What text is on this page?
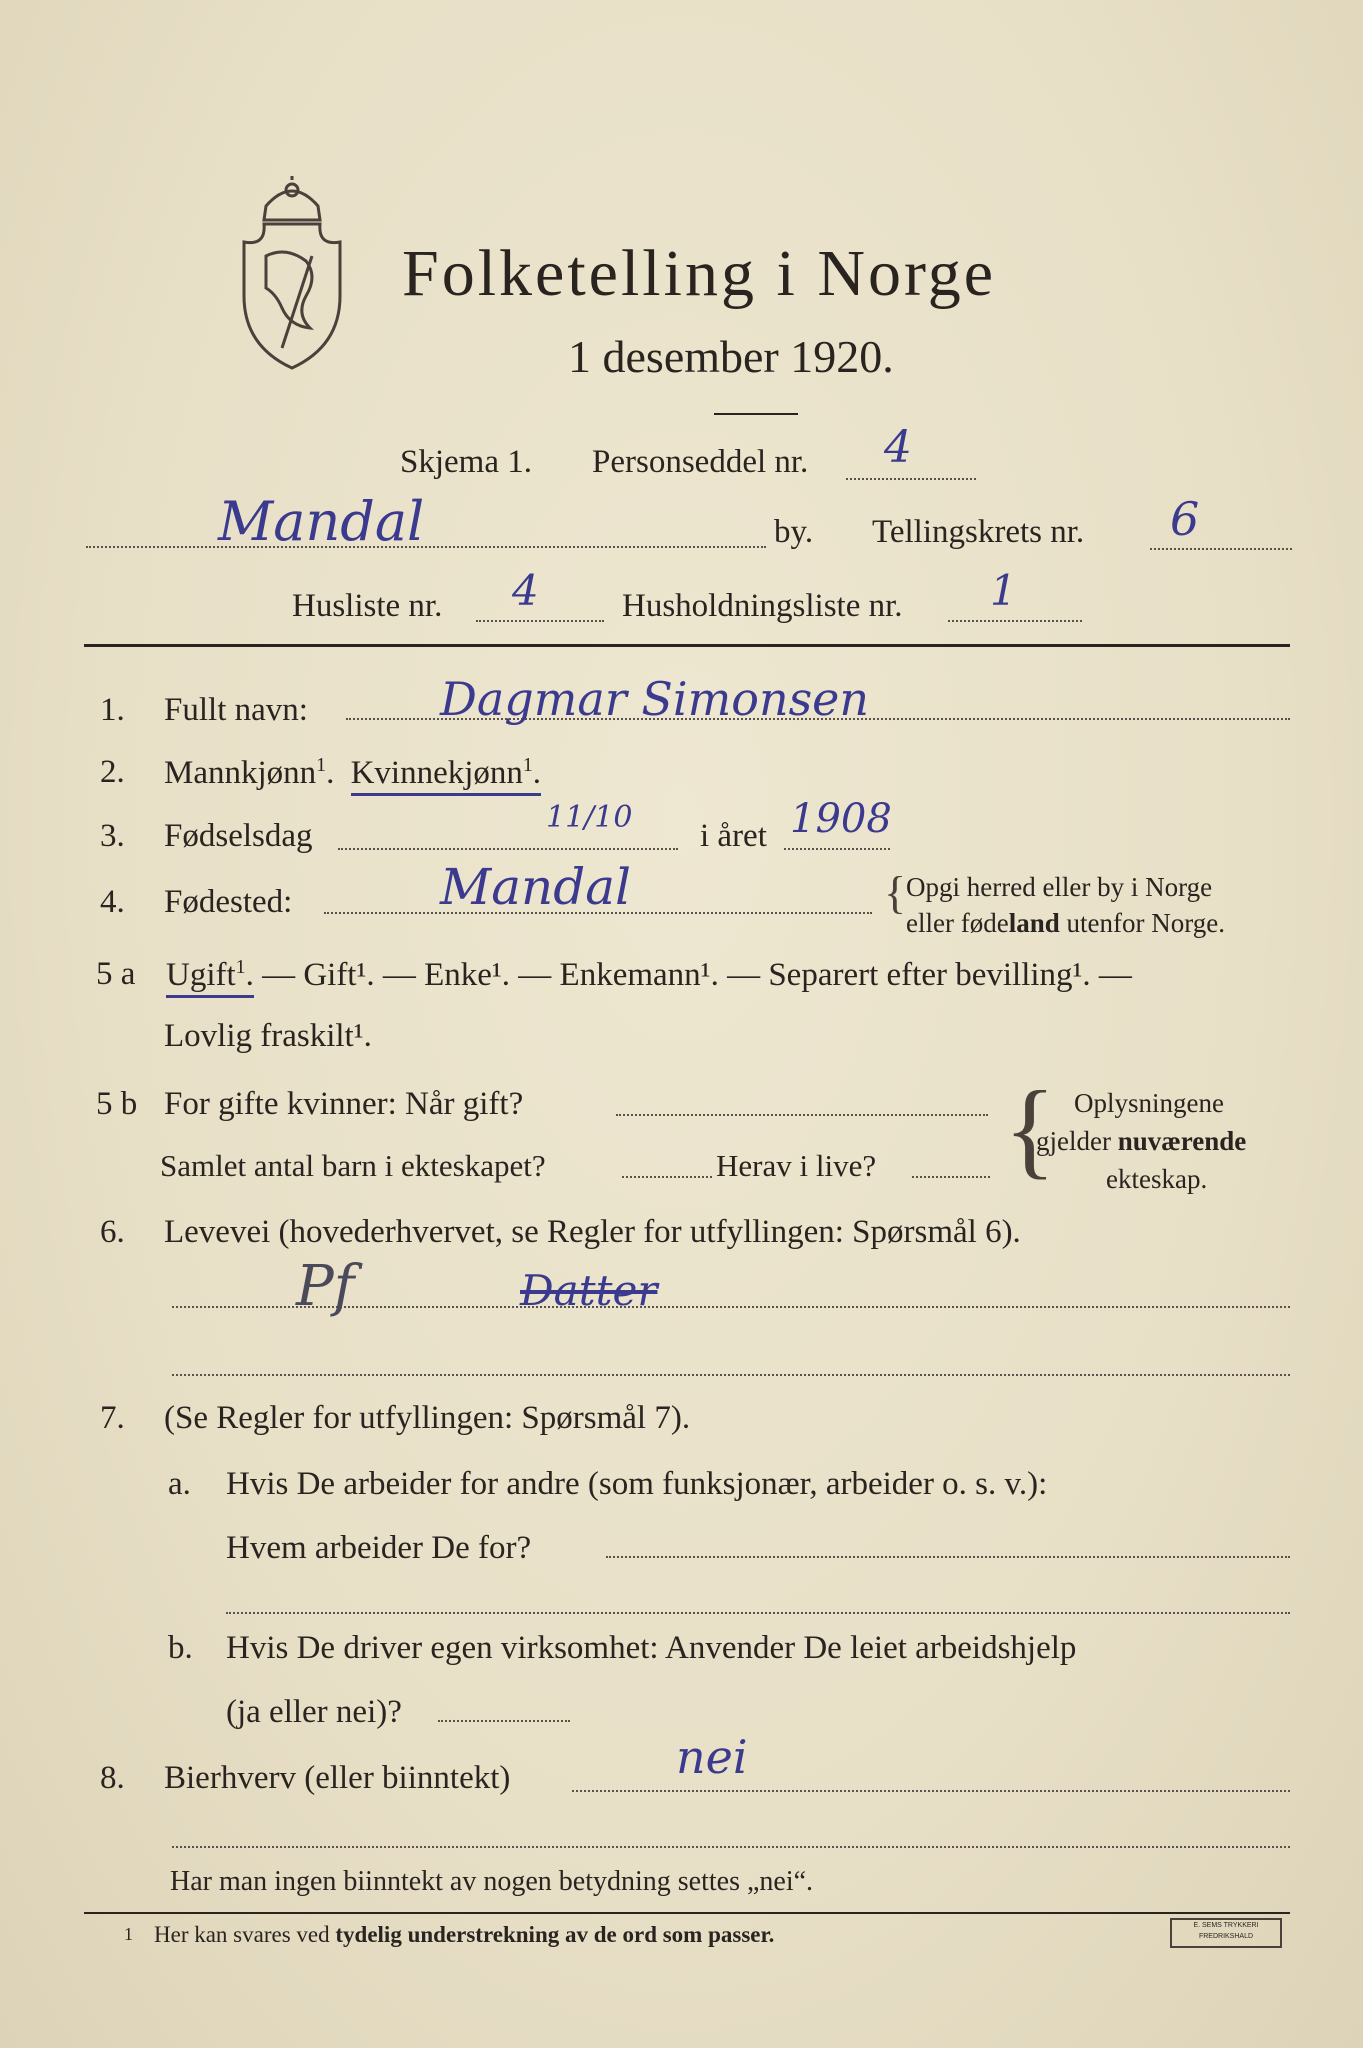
Folketelling i Norge
1 desember 1920.
Skjema 1. Personseddel nr. 4
Mandal	by. Tellingskrets nr. 6
Husliste nr. 4	Husholdningsliste nr. 1
1. Fullt navn:	Dagmar Simonsen
2. Mannkjønn$^1$. Kvinnekjønn$^1$.
3. Fødselsdag
11/10
i året 1908
4. Fødested:	Mandal	{ Opgi herred eller by i Norge
eller fødeland utenfor Norge.
5 a Ugift$^1$. — Gift¹. — Enke¹. — Enkemann¹. — Separert efter bevilling¹. —
Lovlig fraskilt¹.
5 b For gifte kvinner: Når gift?
Samlet antal barn i ekteskapet?	Herav i live? { Oplysningene
gjelder nuværende
ekteskap.
6. Levevei (hovederhvervet, se Regler for utfyllingen: Spørsmål 6).
Pf	Datter
7. (Se Regler for utfyllingen: Spørsmål 7).
a. Hvis De arbeider for andre (som funksjonær, arbeider o. s. v.):
Hvem arbeider De for?
b. Hvis De driver egen virksomhet: Anvender De leiet arbeidshjelp
(ja eller nei)?
8. Bierhverv (eller biinntekt)	nei
Har man ingen biinntekt av nogen betydning settes „nei“.
1 Her kan svares ved tydelig understrekning av de ord som passer.	E. SEMS TRYKKERI FREDRIKSHALD
